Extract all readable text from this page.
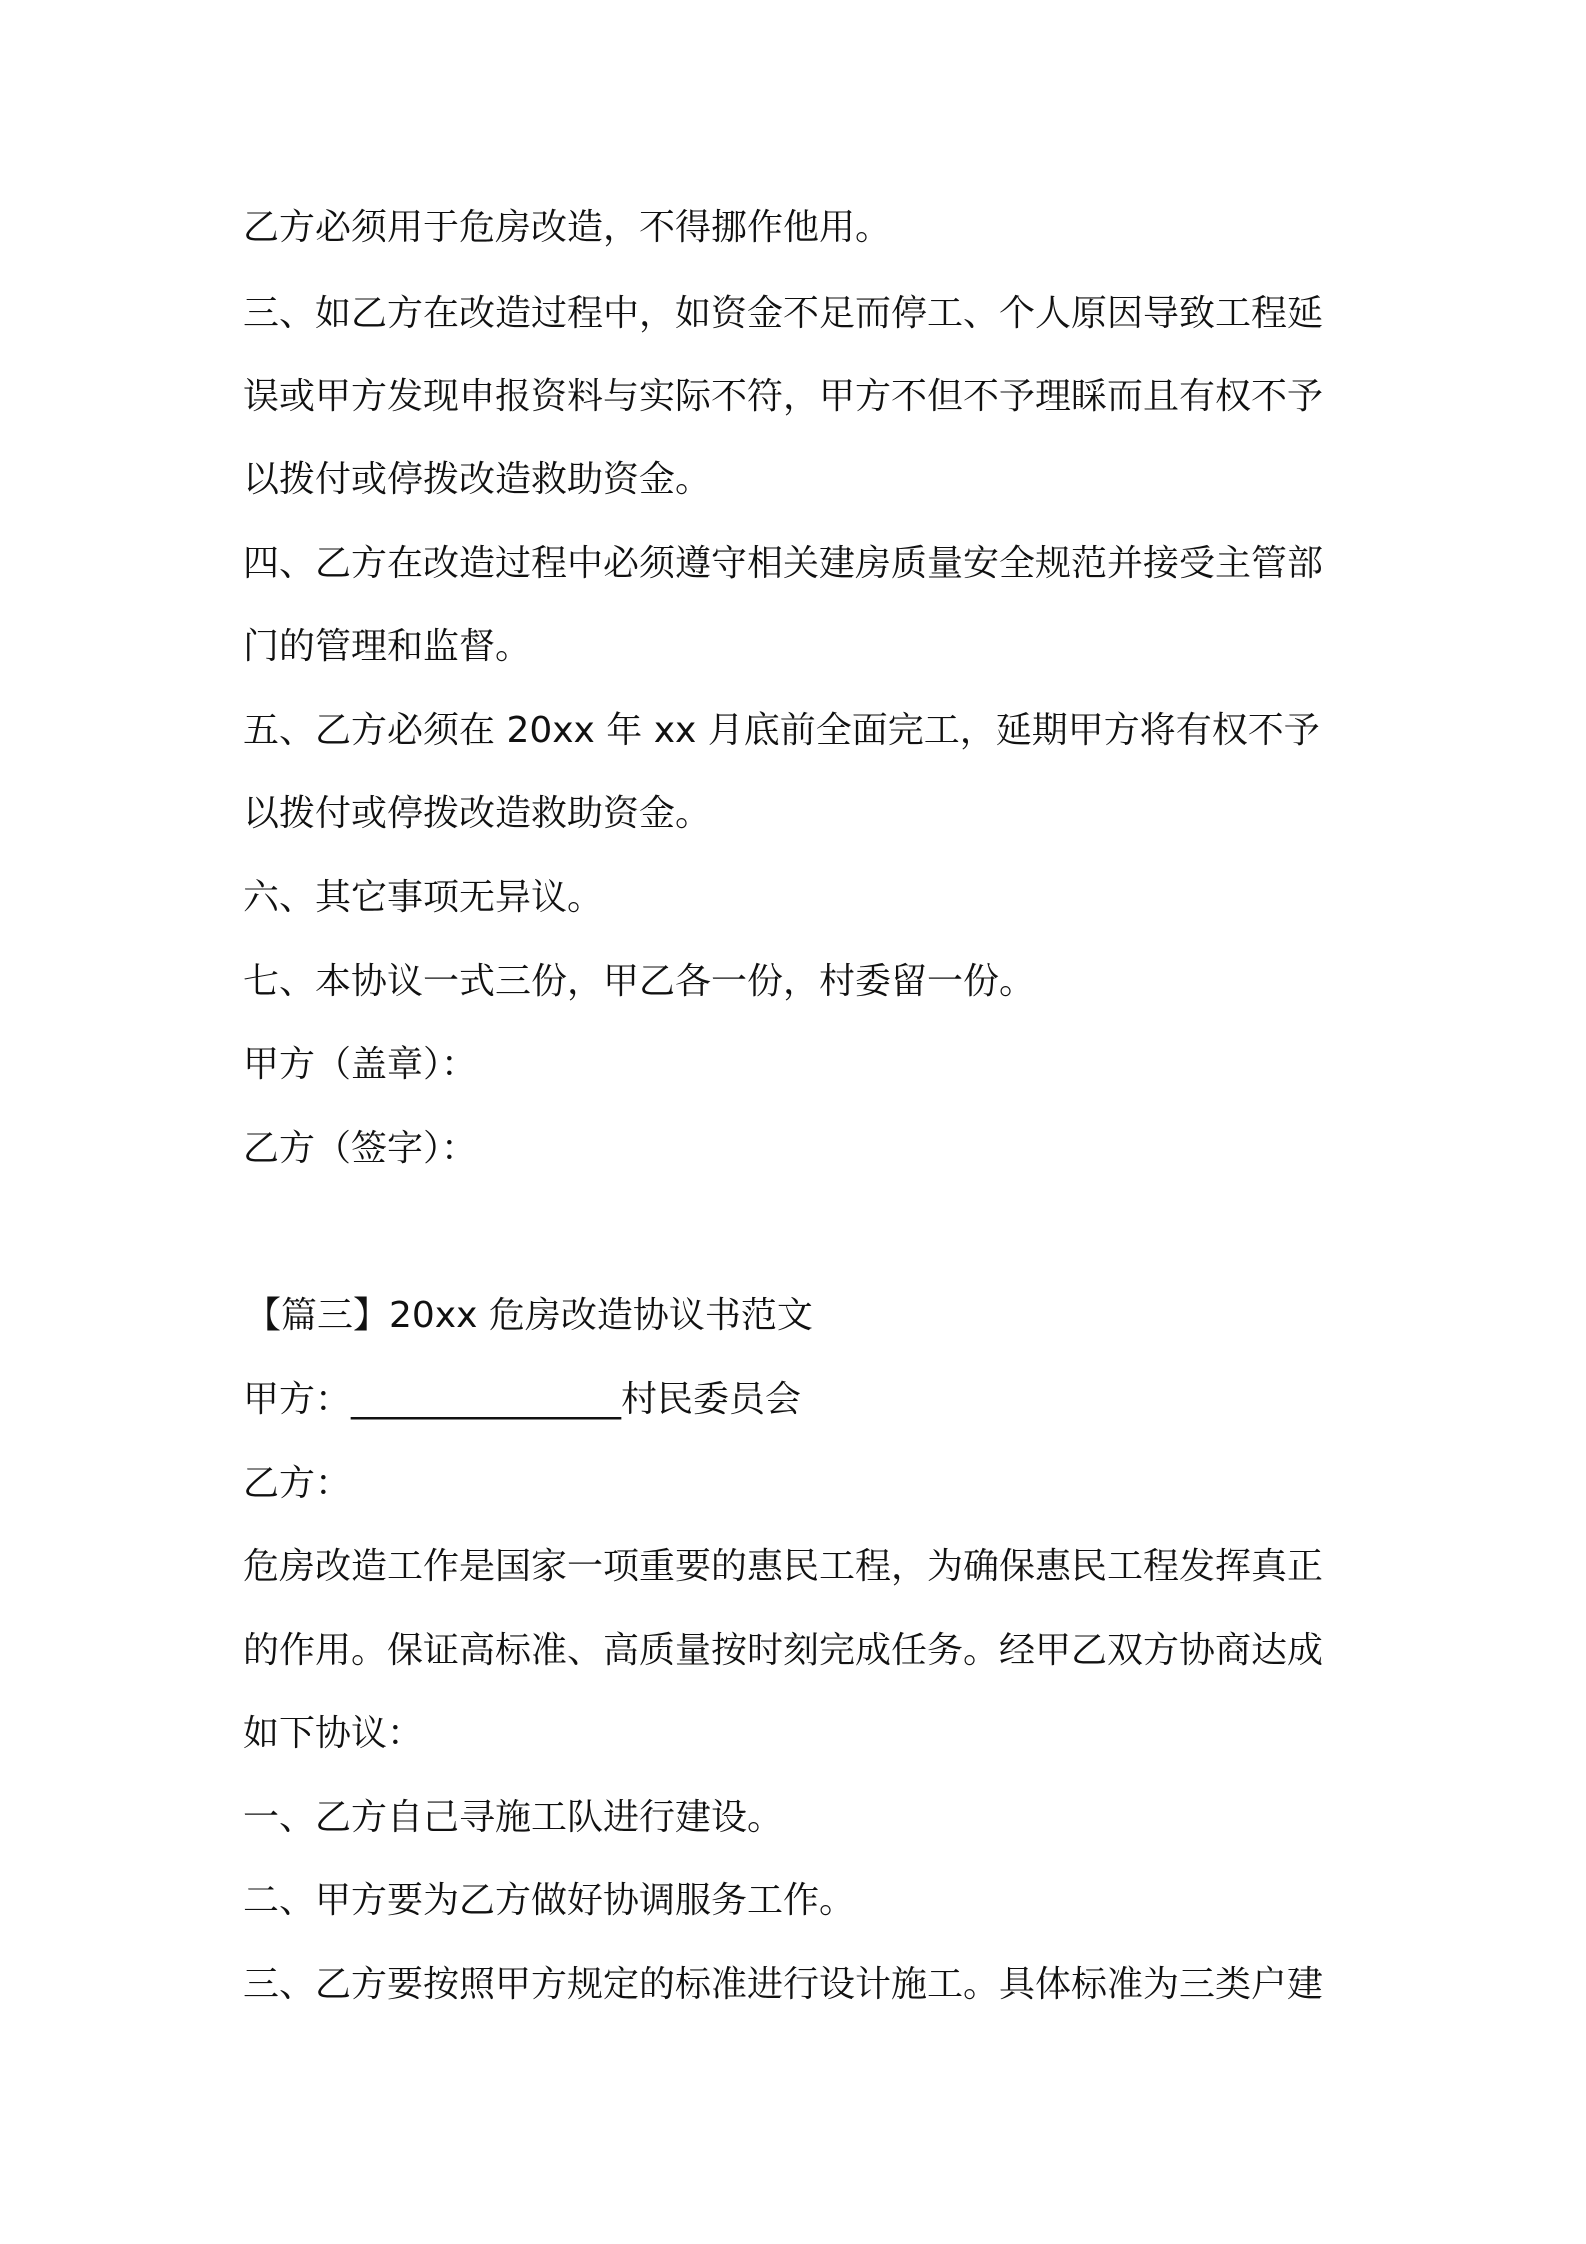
乙方必须用于危房改造，不得挪作他用。
三、如乙方在改造过程中，如资金不足而停工、个人原因导致工程延
误或甲方发现申报资料与实际不符，甲方不但不予理睬而且有权不予
以拨付或停拨改造救助资金。
四、乙方在改造过程中必须遵守相关建房质量安全规范并接受主管部
门的管理和监督。
五、乙方必须在 20xx 年 xx 月底前全面完工，延期甲方将有权不予
以拨付或停拨改造救助资金。
六、其它事项无异议。
七、本协议一式三份，甲乙各一份，村委留一份。
甲方（盖章）：
乙方（签字）：
【篇三】20xx 危房改造协议书范文
甲方：_______________村民委员会
乙方：
危房改造工作是国家一项重要的惠民工程，为确保惠民工程发挥真正
的作用。保证高标准、高质量按时刻完成任务。经甲乙双方协商达成
如下协议：
一、乙方自己寻施工队进行建设。
二、甲方要为乙方做好协调服务工作。
三、乙方要按照甲方规定的标准进行设计施工。具体标准为三类户建
